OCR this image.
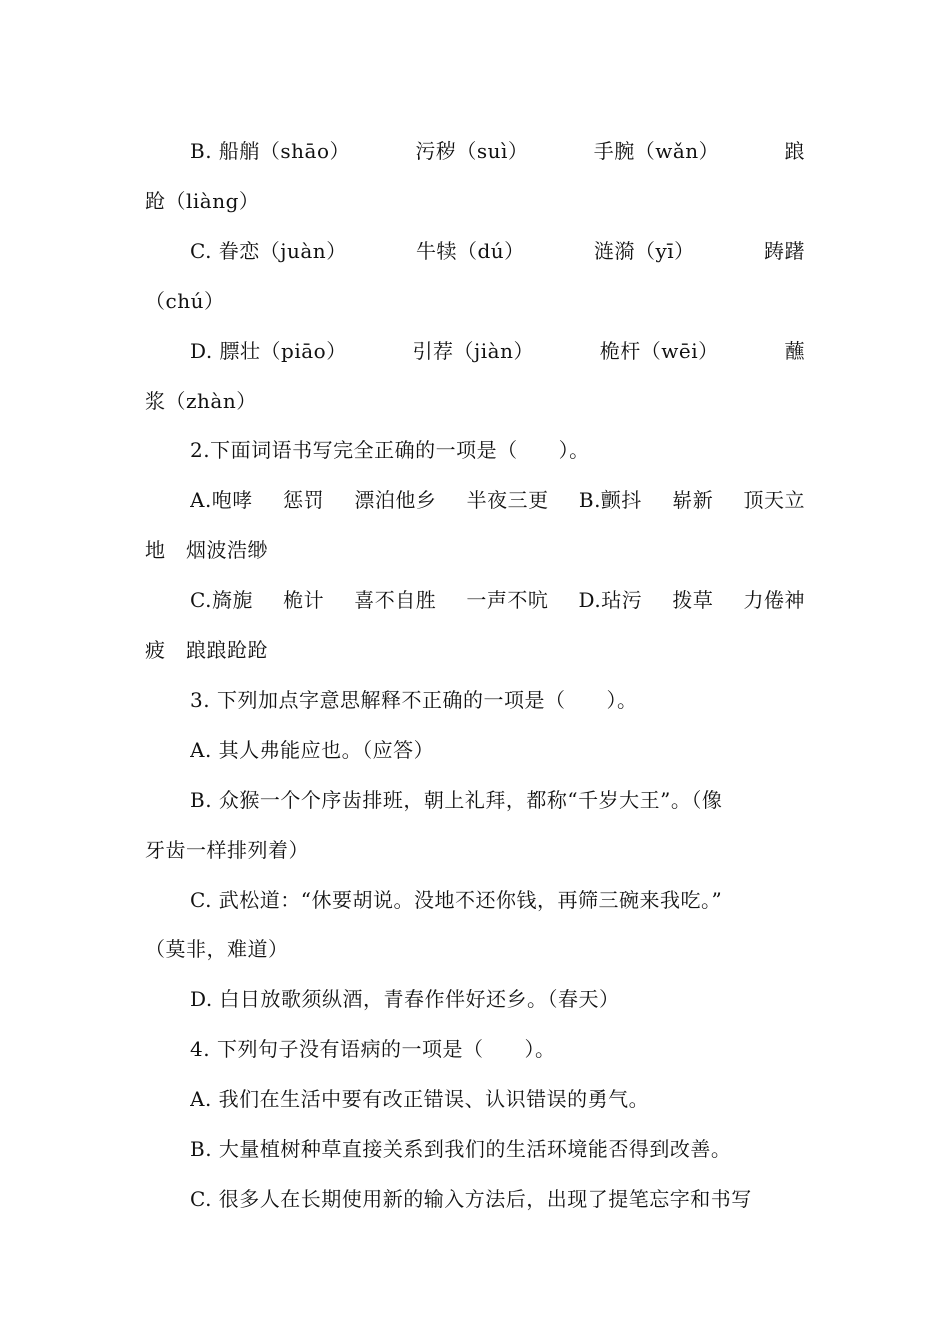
B. 船艄（shāo）	污秽（suì）	手腕（wǎn）	踉
跄（liàng）
C. 眷恋（juàn）	牛犊（dú）	涟漪（yī）	踌躇
（chú）
D. 膘壮（piāo）	引荐（jiàn）	桅杆（wēi）	蘸
浆（zhàn）
2.下面词语书写完全正确的一项是（　　）。
A.咆哮 惩罚 漂泊他乡 半夜三更 B.颤抖 崭新 顶天立
地　烟波浩缈
C.旖旎 桅计 喜不自胜 一声不吭 D.玷污 拨草 力倦神
疲　踉踉跄跄
3. 下列加点字意思解释不正确的一项是（　　）。
A. 其人弗能应也。（应答）
B. 众猴一个个序齿排班，朝上礼拜，都称“千岁大王”。（像
牙齿一样排列着）
C. 武松道：“休要胡说。没地不还你钱，再筛三碗来我吃。”
（莫非，难道）
D. 白日放歌须纵酒，青春作伴好还乡。（春天）
4. 下列句子没有语病的一项是（　　）。
A. 我们在生活中要有改正错误、认识错误的勇气。
B. 大量植树种草直接关系到我们的生活环境能否得到改善。
C. 很多人在长期使用新的输入方法后，出现了提笔忘字和书写
